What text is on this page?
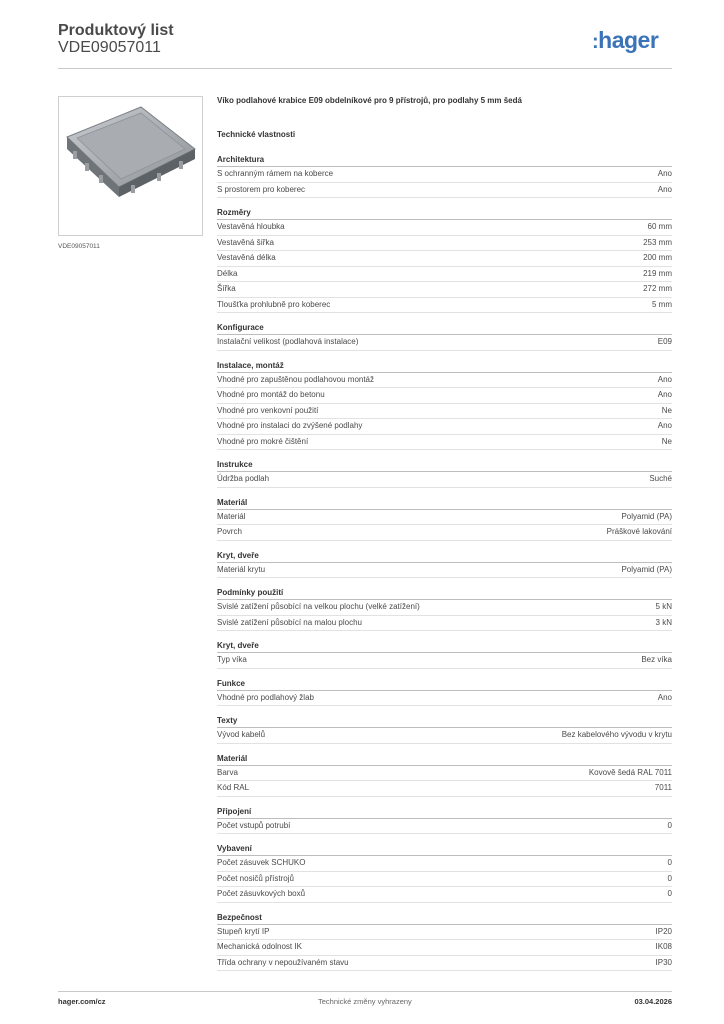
Produktový list
VDE09057011	:hager
VDE09057011
Víko podlahové krabice E09 obdelníkové pro 9 přístrojů, pro podlahy 5 mm šedá
Technické vlastnosti
Architektura
S ochranným rámem na koberce	Ano
S prostorem pro koberec	Ano
Rozměry
Vestavěná hloubka	60 mm
Vestavěná šířka	253 mm
Vestavěná délka	200 mm
Délka	219 mm
Šířka	272 mm
Tloušťka prohlubně pro koberec	5 mm
Konfigurace
Instalační velikost (podlahová instalace)	E09
Instalace, montáž
Vhodné pro zapuštěnou podlahovou montáž	Ano
Vhodné pro montáž do betonu	Ano
Vhodné pro venkovní použití	Ne
Vhodné pro instalaci do zvýšené podlahy	Ano
Vhodné pro mokré čištění	Ne
Instrukce
Údržba podlah	Suché
Materiál
Materiál	Polyamid (PA)
Povrch	Práškové lakování
Kryt, dveře
Materiál krytu	Polyamid (PA)
Podmínky použití
Svislé zatížení působící na velkou plochu (velké zatížení)	5 kN
Svislé zatížení působící na malou plochu	3 kN
Kryt, dveře
Typ víka	Bez víka
Funkce
Vhodné pro podlahový žlab	Ano
Texty
Vývod kabelů	Bez kabelového vývodu v krytu
Materiál
Barva	Kovově šedá RAL 7011
Kód RAL	7011
Připojení
Počet vstupů potrubí	0
Vybavení
Počet zásuvek SCHUKO	0
Počet nosičů přístrojů	0
Počet zásuvkových boxů	0
Bezpečnost
Stupeň krytí IP	IP20
Mechanická odolnost IK	IK08
Třída ochrany v nepoužívaném stavu	IP30
hager.com/cz	Technické změny vyhrazeny	03.04.2026
